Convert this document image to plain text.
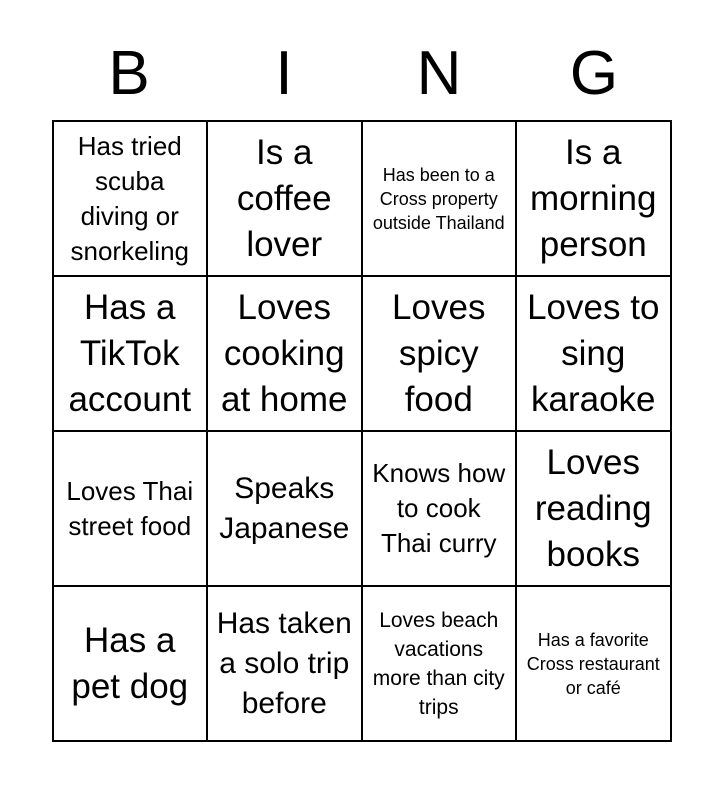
B	I	N	G
Has tried scuba diving or snorkeling
Is a coffee lover
Has been to a Cross property outside Thailand
Is a morning person
Has a TikTok account
Loves cooking at home
Loves spicy food
Loves to sing karaoke
Loves Thai street food
Speaks Japanese
Knows how to cook Thai curry
Loves reading books
Has a pet dog
Has taken a solo trip before
Loves beach vacations more than city trips
Has a favorite Cross restaurant or café
